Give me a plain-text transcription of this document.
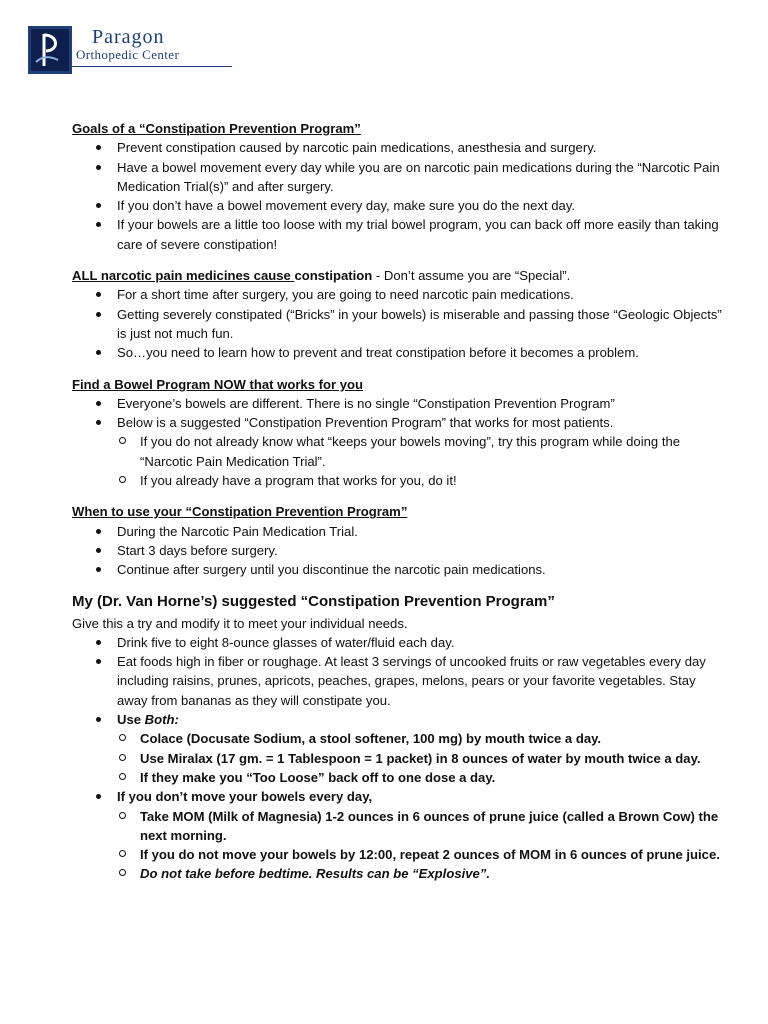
Paragon
Orthopedic Center

Goals of a “Constipation Prevention Program”

Prevent constipation caused by narcotic pain medications, anesthesia and surgery.
Have a bowel movement every day while you are on narcotic pain medications during the “Narcotic Pain Medication Trial(s)” and after surgery.
If you don’t have a bowel movement every day, make sure you do the next day.
If your bowels are a little too loose with my trial bowel program, you can back off more easily than taking care of severe constipation!

ALL narcotic pain medicines cause constipation - Don’t assume you are “Special”.

For a short time after surgery, you are going to need narcotic pain medications.
Getting severely constipated (“Bricks” in your bowels) is miserable and passing those “Geologic Objects” is just not much fun.
So…you need to learn how to prevent and treat constipation before it becomes a problem.

Find a Bowel Program NOW that works for you

Everyone’s bowels are different. There is no single “Constipation Prevention Program”
Below is a suggested “Constipation Prevention Program” that works for most patients.
If you do not already know what “keeps your bowels moving”, try this program while doing the “Narcotic Pain Medication Trial”.
If you already have a program that works for you, do it!

When to use your “Constipation Prevention Program”

During the Narcotic Pain Medication Trial.
Start 3 days before surgery.
Continue after surgery until you discontinue the narcotic pain medications.

My (Dr. Van Horne’s) suggested “Constipation Prevention Program”

Give this a try and modify it to meet your individual needs.

Drink five to eight 8-ounce glasses of water/fluid each day.
Eat foods high in fiber or roughage. At least 3 servings of uncooked fruits or raw vegetables every day including raisins, prunes, apricots, peaches, grapes, melons, pears or your favorite vegetables. Stay away from bananas as they will constipate you.
Use Both:
Colace (Docusate Sodium, a stool softener, 100 mg) by mouth twice a day.
Use Miralax (17 gm. = 1 Tablespoon = 1 packet) in 8 ounces of water by mouth twice a day.
If they make you “Too Loose” back off to one dose a day.
If you don’t move your bowels every day,
Take MOM (Milk of Magnesia) 1-2 ounces in 6 ounces of prune juice (called a Brown Cow) the next morning.
If you do not move your bowels by 12:00, repeat 2 ounces of MOM in 6 ounces of prune juice.
Do not take before bedtime. Results can be “Explosive”.
